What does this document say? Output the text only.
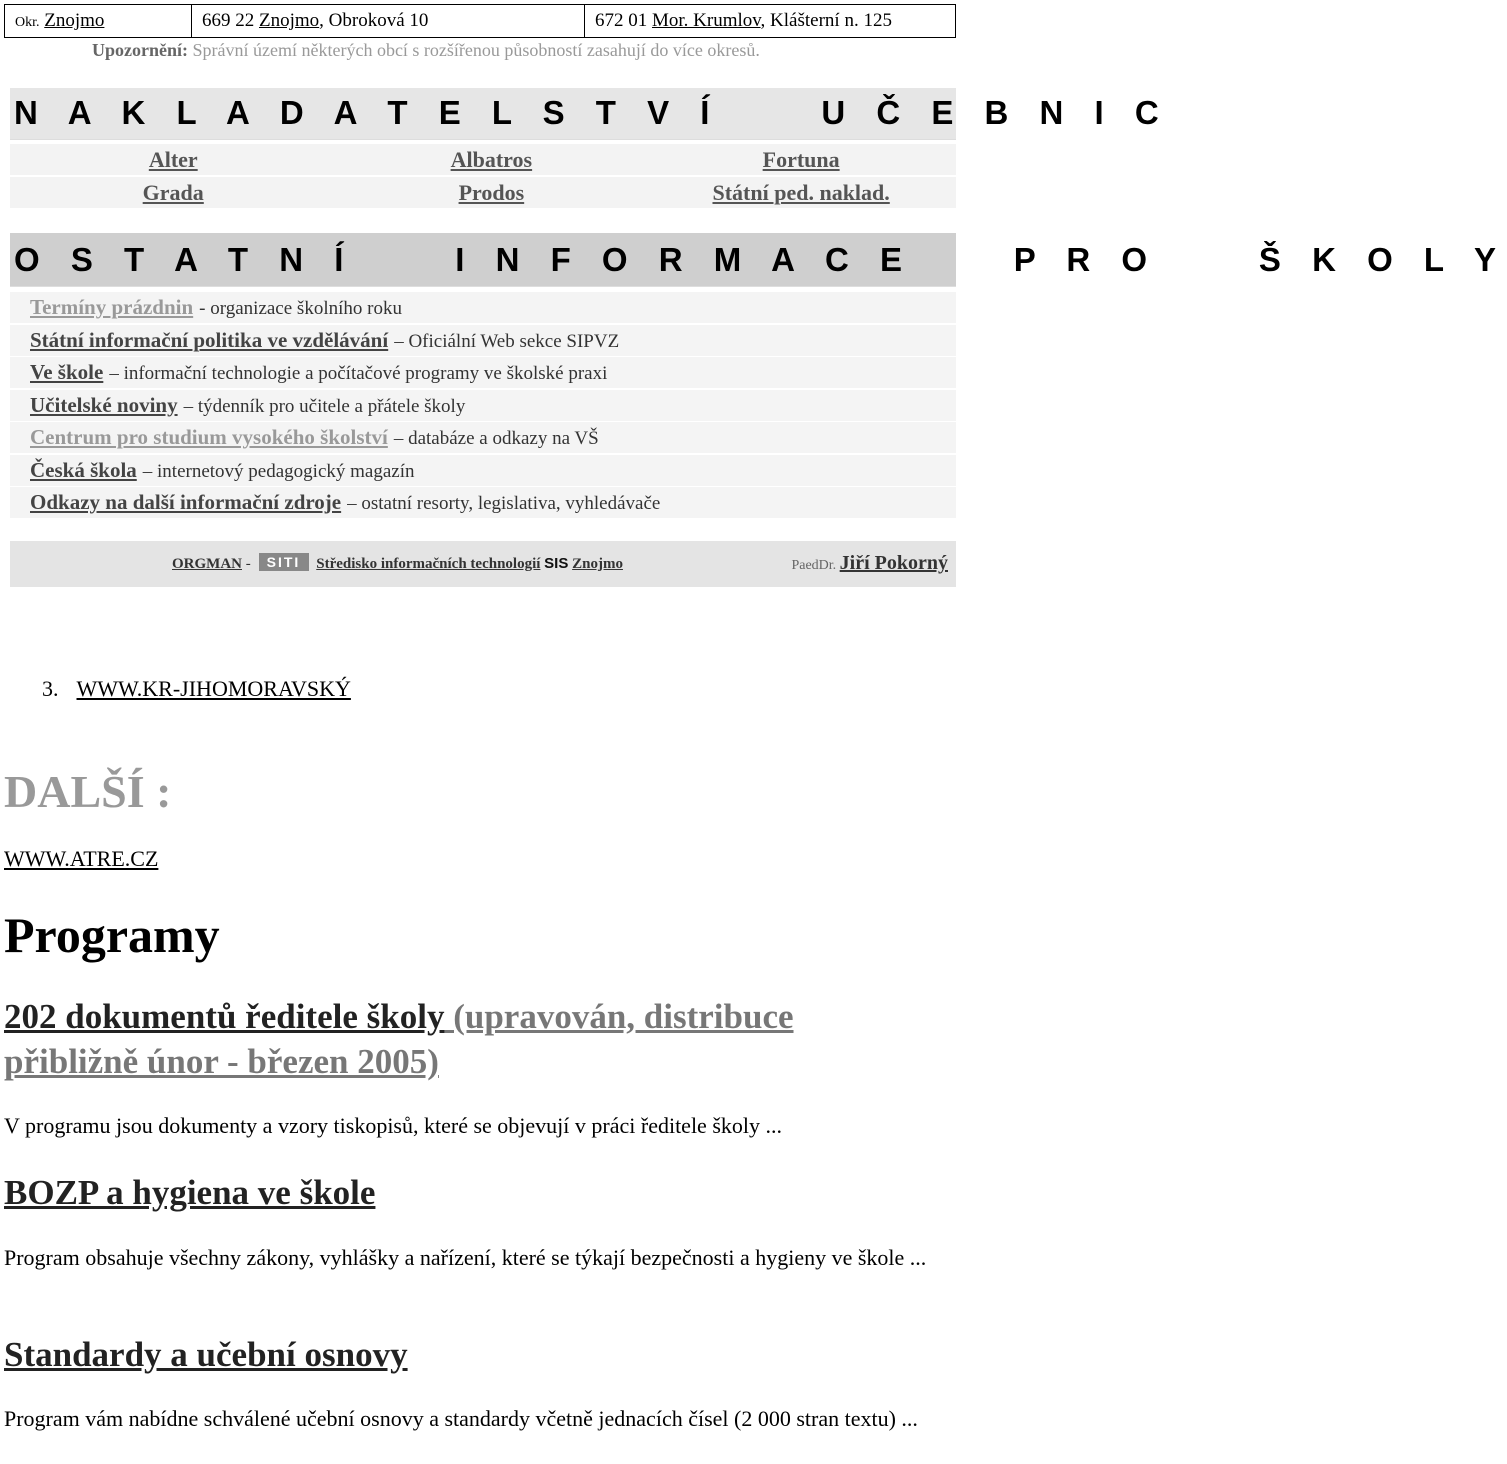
Okr. Znojmo	669 22 Znojmo, Obroková 10	672 01 Mor. Krumlov, Klášterní n. 125
Upozornění: Správní území některých obcí s rozšířenou působností zasahují do více okresů.
N A K L A D A T E L S T V Í     U Č E B N I C
Alter	Albatros	Fortuna
Grada	Prodos	Státní ped. naklad.
O S T A T N Í     I N F O R M A C E     P R O     Š K O L Y
Termíny prázdnin - organizace školního roku
Státní informační politika ve vzdělávání – Oficiální Web sekce SIPVZ
Ve škole – informační technologie a počítačové programy ve školské praxi
Učitelské noviny – týdenník pro učitele a přátele školy
Centrum pro studium vysokého školství – databáze a odkazy na VŠ
Česká škola – internetový pedagogický magazín
Odkazy na další informační zdroje – ostatní resorty, legislativa, vyhledávače
ORGMAN - SITI Středisko informačních technologií SIS Znojmo	PaedDr. Jiří Pokorný
3. WWW.KR-JIHOMORAVSKÝ
DALŠÍ :
WWW.ATRE.CZ
Programy
202 dokumentů ředitele školy (upravován, distribuce
přibližně únor - březen 2005)
V programu jsou dokumenty a vzory tiskopisů, které se objevují v práci ředitele školy ...
BOZP a hygiena ve škole
Program obsahuje všechny zákony, vyhlášky a nařízení, které se týkají bezpečnosti a hygieny ve škole ...
Standardy a učební osnovy
Program vám nabídne schválené učební osnovy a standardy včetně jednacích čísel (2 000 stran textu) ...
